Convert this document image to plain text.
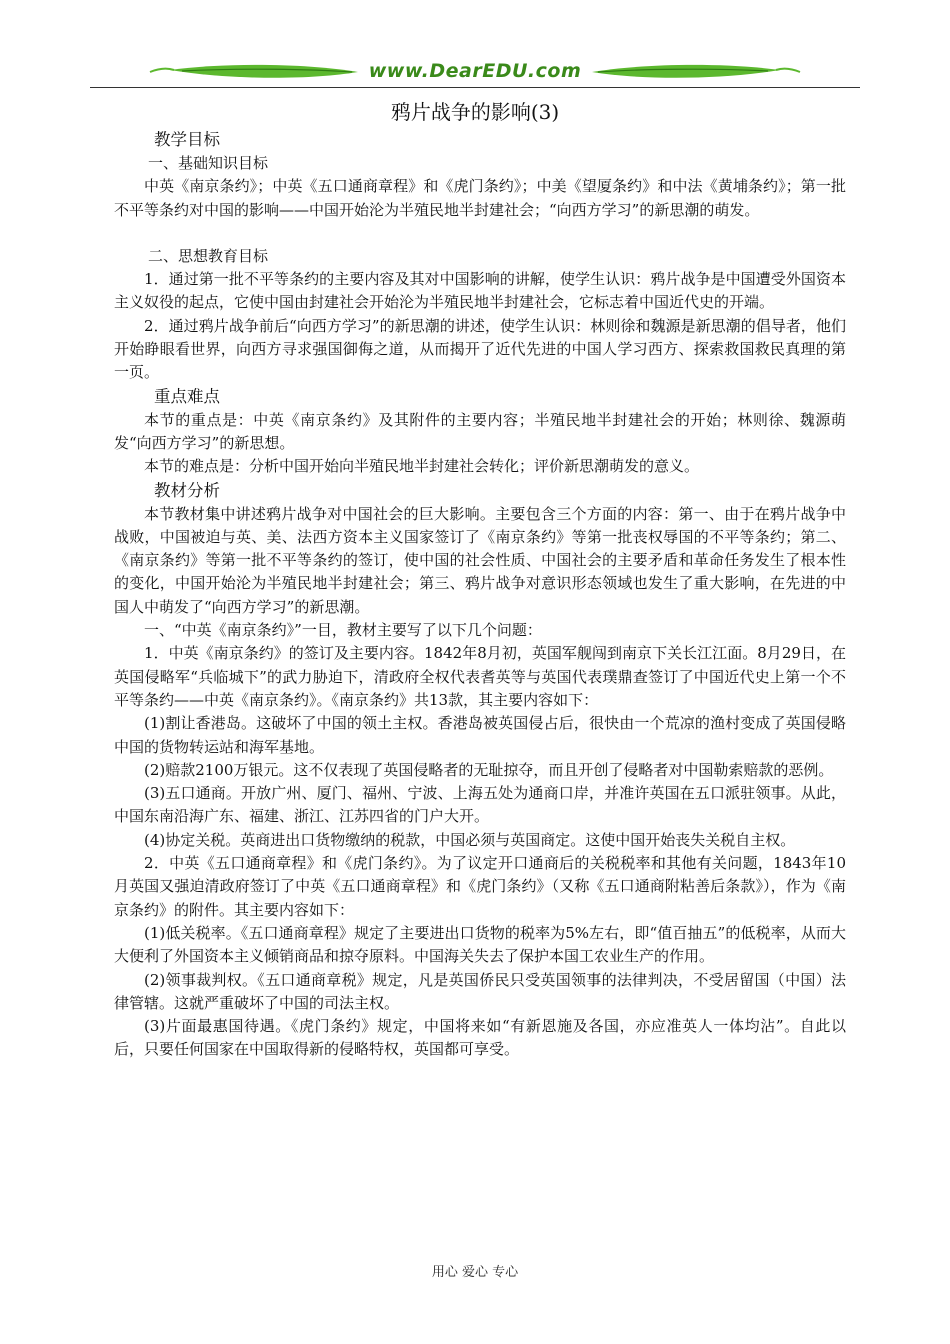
www.DearEDU.com
鸦片战争的影响(3)

教学目标

一、基础知识目标

中英《南京条约》；中英《五口通商章程》和《虎门条约》；中美《望厦条约》和中法《黄埔条约》；第一批不平等条约对中国的影响——中国开始沦为半殖民地半封建社会；“向西方学习”的新思潮的萌发。

二、思想教育目标

1．通过第一批不平等条约的主要内容及其对中国影响的讲解，使学生认识：鸦片战争是中国遭受外国资本主义奴役的起点，它使中国由封建社会开始沦为半殖民地半封建社会，它标志着中国近代史的开端。

2．通过鸦片战争前后“向西方学习”的新思潮的讲述，使学生认识：林则徐和魏源是新思潮的倡导者，他们开始睁眼看世界，向西方寻求强国御侮之道，从而揭开了近代先进的中国人学习西方、探索救国救民真理的第一页。

重点难点

本节的重点是：中英《南京条约》及其附件的主要内容；半殖民地半封建社会的开始；林则徐、魏源萌发“向西方学习”的新思想。

本节的难点是：分析中国开始向半殖民地半封建社会转化；评价新思潮萌发的意义。

教材分析

本节教材集中讲述鸦片战争对中国社会的巨大影响。主要包含三个方面的内容：第一、由于在鸦片战争中战败，中国被迫与英、美、法西方资本主义国家签订了《南京条约》等第一批丧权辱国的不平等条约；第二、《南京条约》等第一批不平等条约的签订，使中国的社会性质、中国社会的主要矛盾和革命任务发生了根本性的变化，中国开始沦为半殖民地半封建社会；第三、鸦片战争对意识形态领域也发生了重大影响，在先进的中国人中萌发了“向西方学习”的新思潮。

一、“中英《南京条约》”一目，教材主要写了以下几个问题：

1．中英《南京条约》的签订及主要内容。1842年8月初，英国军舰闯到南京下关长江江面。8月29日，在英国侵略军“兵临城下”的武力胁迫下，清政府全权代表耆英等与英国代表璞鼎查签订了中国近代史上第一个不平等条约——中英《南京条约》。《南京条约》共13款，其主要内容如下：

(1)割让香港岛。这破坏了中国的领土主权。香港岛被英国侵占后，很快由一个荒凉的渔村变成了英国侵略中国的货物转运站和海军基地。

(2)赔款2100万银元。这不仅表现了英国侵略者的无耻掠夺，而且开创了侵略者对中国勒索赔款的恶例。

(3)五口通商。开放广州、厦门、福州、宁波、上海五处为通商口岸，并准许英国在五口派驻领事。从此，中国东南沿海广东、福建、浙江、江苏四省的门户大开。

(4)协定关税。英商进出口货物缴纳的税款，中国必须与英国商定。这使中国开始丧失关税自主权。

2．中英《五口通商章程》和《虎门条约》。为了议定开口通商后的关税税率和其他有关问题，1843年10月英国又强迫清政府签订了中英《五口通商章程》和《虎门条约》（又称《五口通商附粘善后条款》），作为《南京条约》的附件。其主要内容如下：

(1)低关税率。《五口通商章程》规定了主要进出口货物的税率为5%左右，即“值百抽五”的低税率，从而大大便利了外国资本主义倾销商品和掠夺原料。中国海关失去了保护本国工农业生产的作用。

(2)领事裁判权。《五口通商章税》规定，凡是英国侨民只受英国领事的法律判决，不受居留国（中国）法律管辖。这就严重破坏了中国的司法主权。

(3)片面最惠国待遇。《虎门条约》规定，中国将来如“有新恩施及各国，亦应准英人一体均沾”。自此以后，只要任何国家在中国取得新的侵略特权，英国都可享受。

用心 爱心 专心
